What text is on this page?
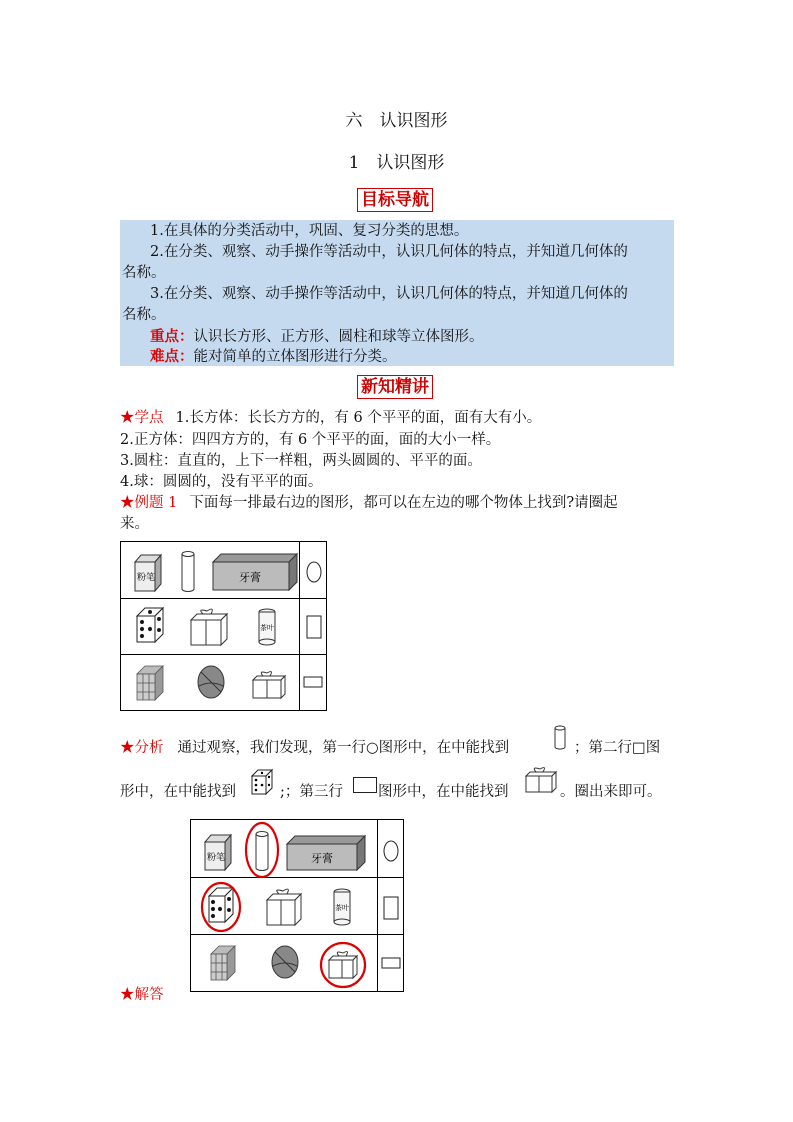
六　认识图形
1　认识图形
目标导航
1.在具体的分类活动中，巩固、复习分类的思想。
2.在分类、观察、动手操作等活动中，认识几何体的特点，并知道几何体的
名称。
3.在分类、观察、动手操作等活动中，认识几何体的特点，并知道几何体的
名称。
重点：认识长方形、正方形、圆柱和球等立体图形。
难点：能对简单的立体图形进行分类。
新知精讲
★学点 1.长方体：长长方方的，有 6 个平平的面，面有大有小。
2.正方体：四四方方的，有 6 个平平的面，面的大小一样。
3.圆柱：直直的，上下一样粗，两头圆圆的、平平的面。
4.球：圆圆的，没有平平的面。
★例题 1 下面每一排最右边的图形，都可以在左边的哪个物体上找到?请圈起
来。
粉笔	牙膏
茶叶
★分析 通过观察，我们发现，第一行○图形中，在中能找到	；第二行□图
形中，在中能找到	;；第三行 图形中，在中能找到	。圈出来即可。
粉笔	牙膏
茶叶
★解答
